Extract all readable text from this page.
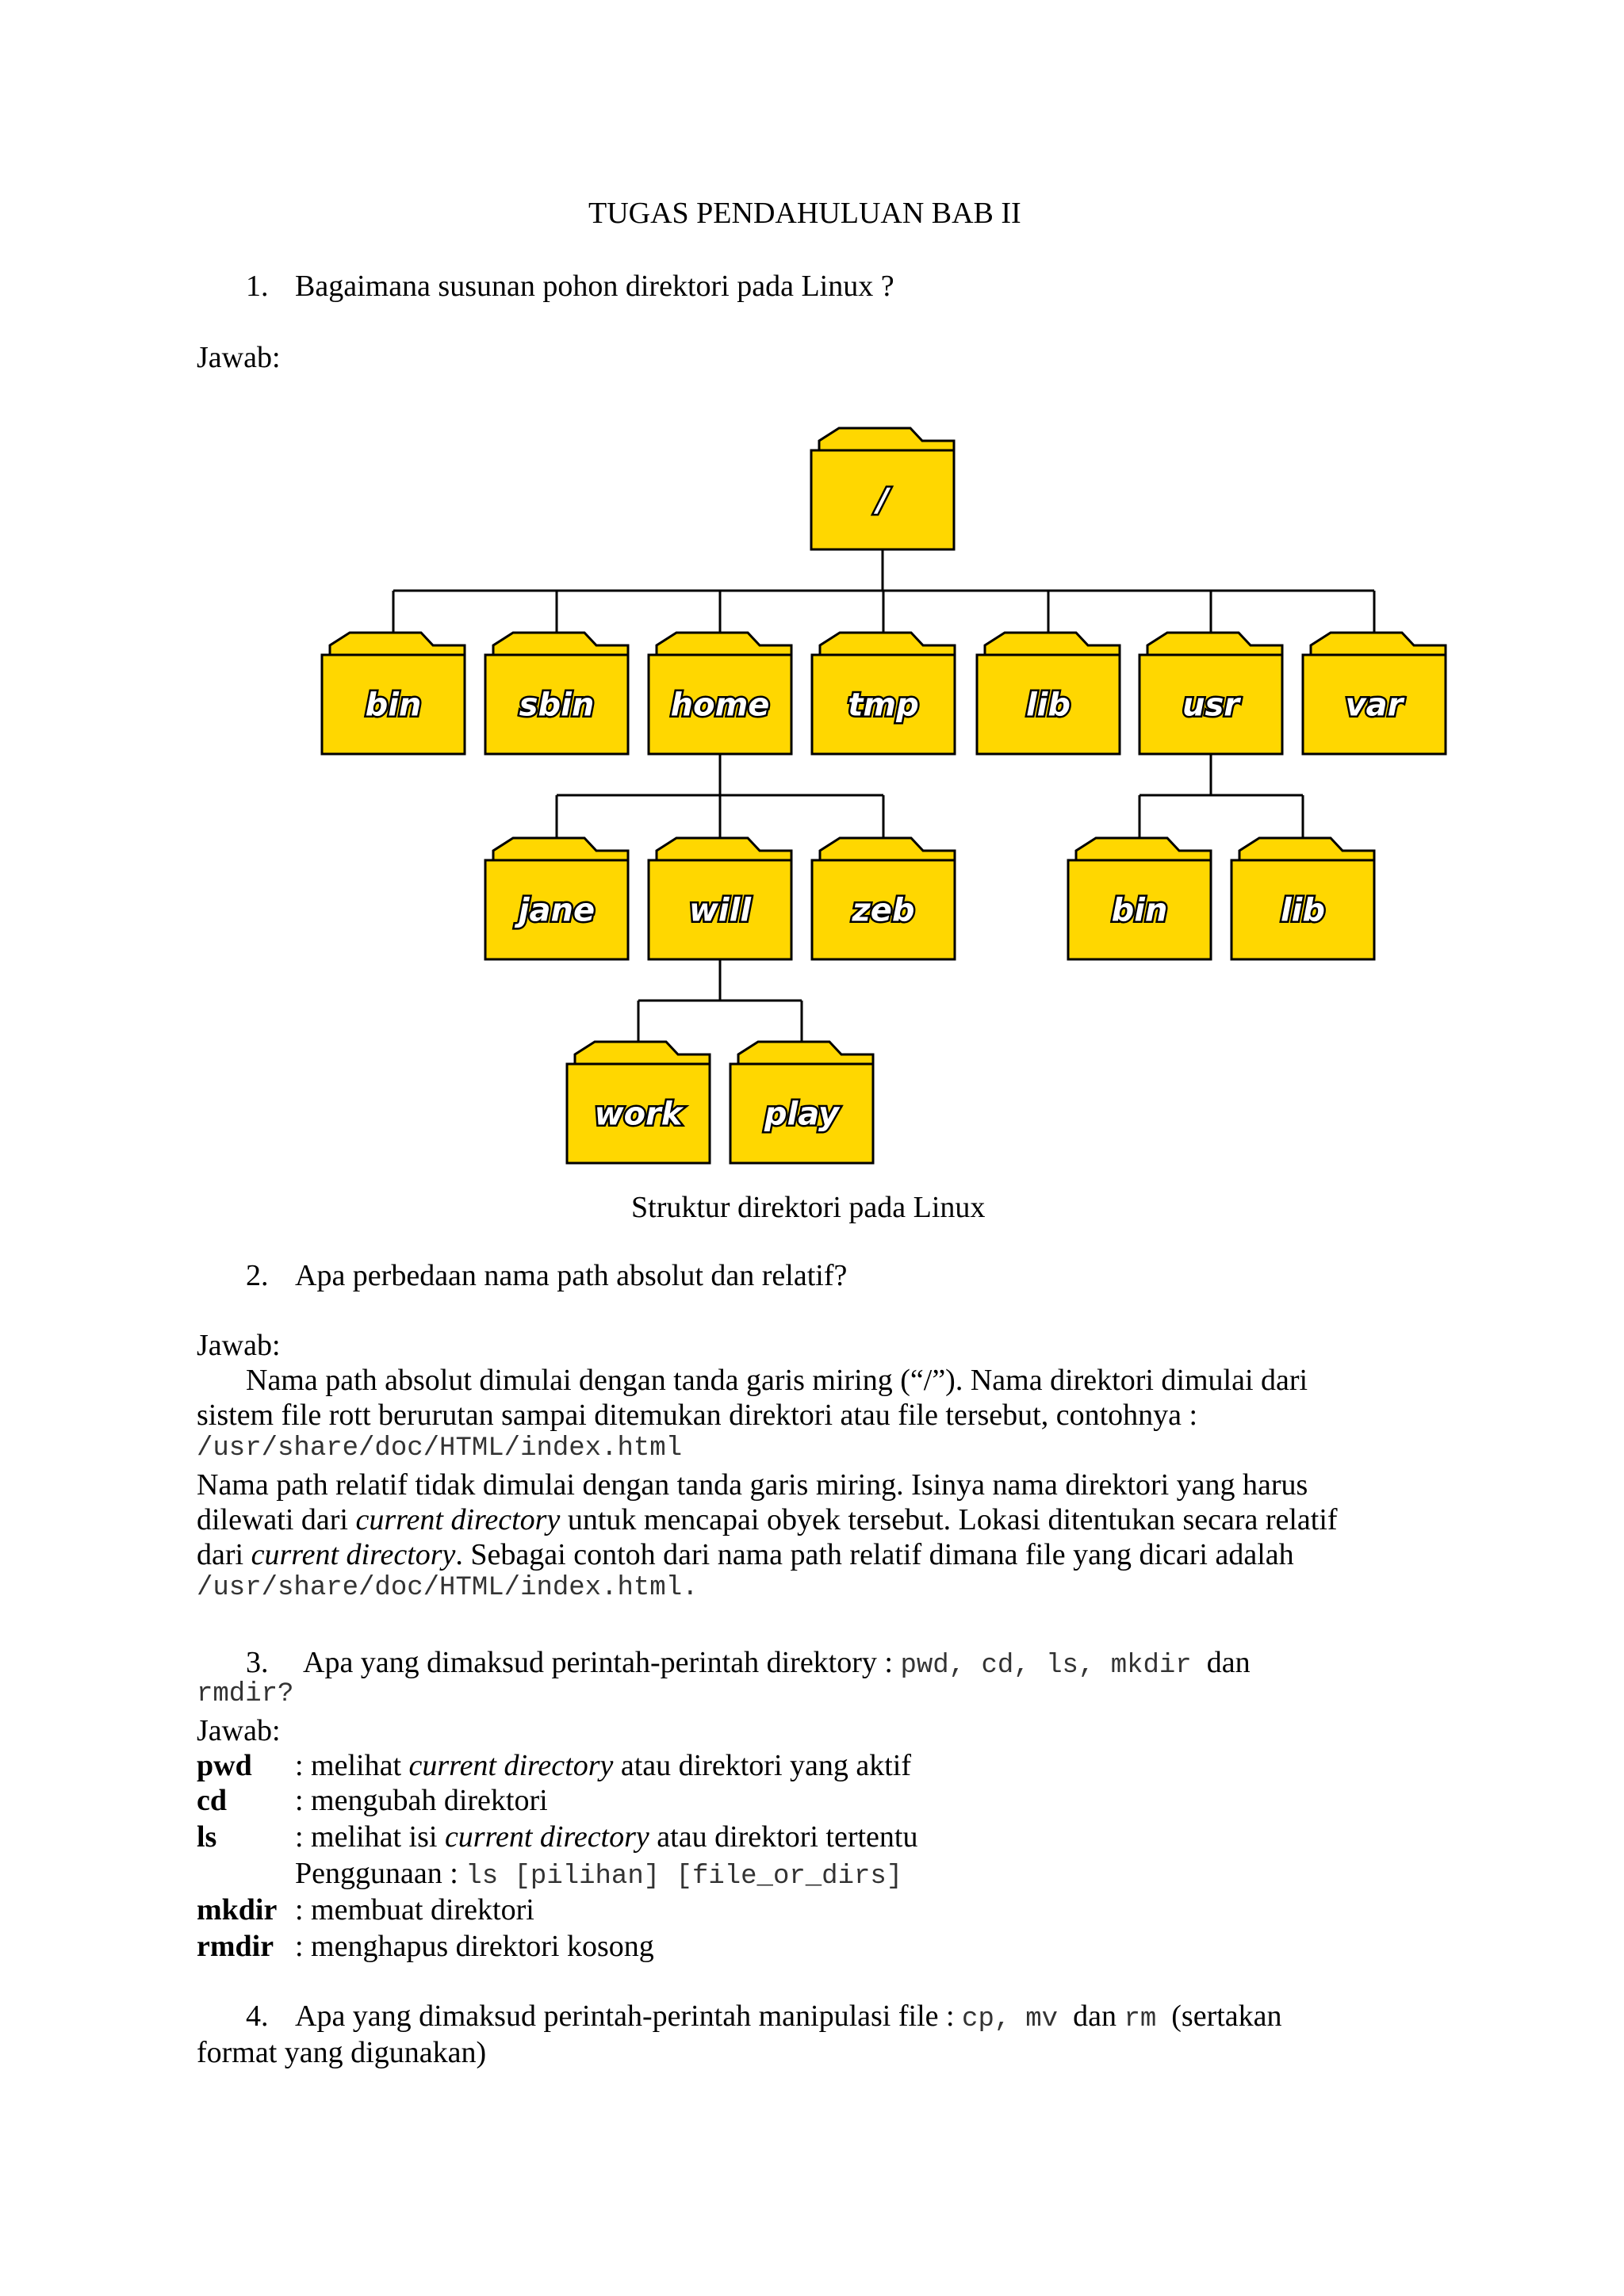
TUGAS PENDAHULUAN BAB II
1. Bagaimana susunan pohon direktori pada Linux ?
Jawab:
/
bin	sbin home tmp	lib	usr	var
jane	will	zeb	bin	lib
work	play
Struktur direktori pada Linux
2. Apa perbedaan nama path absolut dan relatif?
Jawab:
Nama path absolut dimulai dengan tanda garis miring (“/”). Nama direktori dimulai dari
sistem file rott berurutan sampai ditemukan direktori atau file tersebut, contohnya :
/usr/share/doc/HTML/index.html
Nama path relatif tidak dimulai dengan tanda garis miring. Isinya nama direktori yang harus
dilewati dari current directory untuk mencapai obyek tersebut. Lokasi ditentukan secara relatif
dari current directory. Sebagai contoh dari nama path relatif dimana file yang dicari adalah
/usr/share/doc/HTML/index.html.
3. Apa yang dimaksud perintah-perintah direktory : pwd, cd, ls, mkdir dan
rmdir?
Jawab:
pwd : melihat current directory atau direktori yang aktif
cd : mengubah direktori
ls	: melihat isi current directory atau direktori tertentu
Penggunaan : ls [pilihan] [file_or_dirs]
mkdir : membuat direktori
rmdir : menghapus direktori kosong
4. Apa yang dimaksud perintah-perintah manipulasi file : cp, mv dan rm (sertakan
format yang digunakan)
